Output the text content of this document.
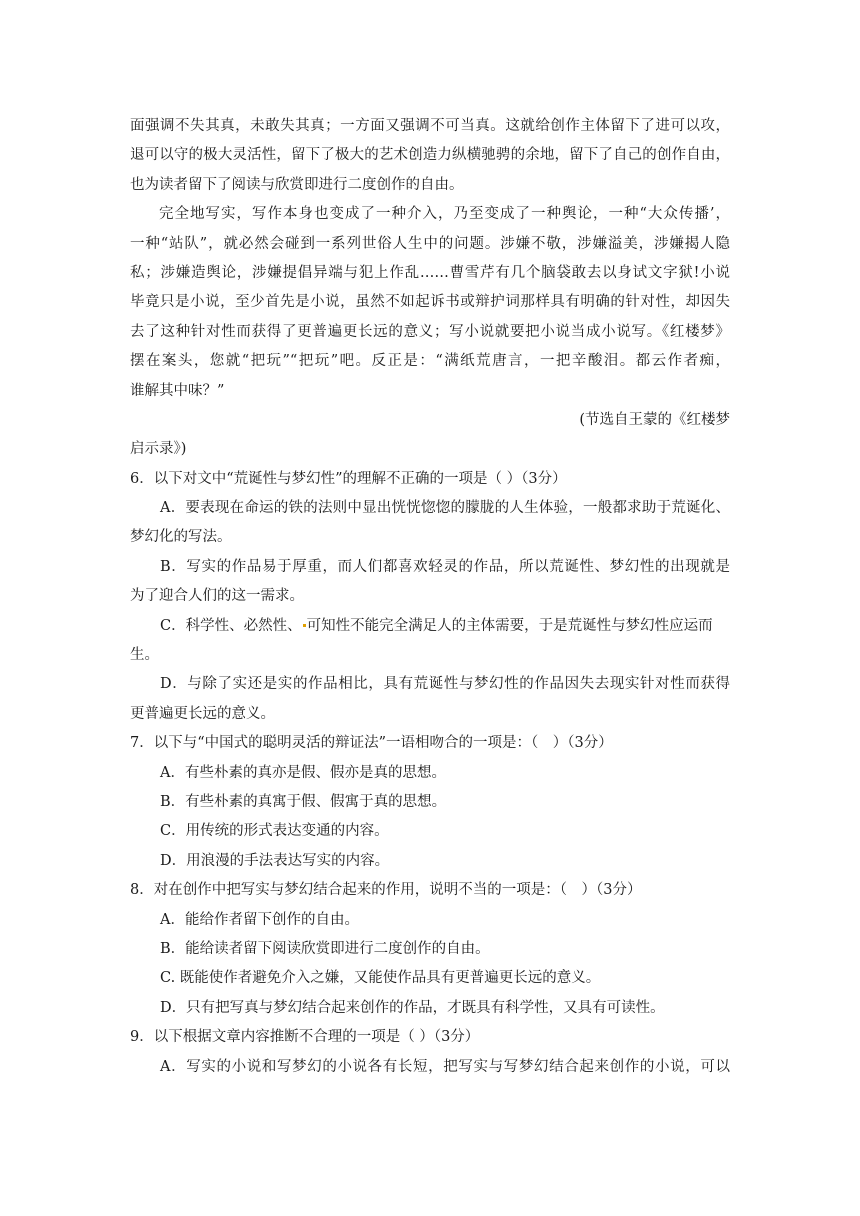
面强调不失其真，未敢失其真；一方面又强调不可当真。这就给创作主体留下了进可以攻，
退可以守的极大灵活性，留下了极大的艺术创造力纵横驰骋的余地，留下了自己的创作自由，
也为读者留下了阅读与欣赏即进行二度创作的自由。
完全地写实，写作本身也变成了一种介入，乃至变成了一种舆论，一种“大众传播’，
一种“站队”，就必然会碰到一系列世俗人生中的问题。涉嫌不敬，涉嫌溢美，涉嫌揭人隐
私；涉嫌造舆论，涉嫌提倡异端与犯上作乱……曹雪芹有几个脑袋敢去以身试文字狱!小说
毕竟只是小说，至少首先是小说，虽然不如起诉书或辩护词那样具有明确的针对性，却因失
去了这种针对性而获得了更普遍更长远的意义；写小说就要把小说当成小说写。《红楼梦》
摆在案头，您就“把玩”“把玩”吧。反正是：“满纸荒唐言，一把辛酸泪。都云作者痴，
谁解其中味？”
(节选自王蒙的《红楼梦
启示录》)
6．以下对文中“荒诞性与梦幻性”的理解不正确的一项是（ ）（3分）
A．要表现在命运的铁的法则中显出恍恍惚惚的朦胧的人生体验，一般都求助于荒诞化、
梦幻化的写法。
B．写实的作品易于厚重，而人们都喜欢轻灵的作品，所以荒诞性、梦幻性的出现就是
为了迎合人们的这一需求。
C．科学性、必然性、 可知性不能完全满足人的主体需要，于是荒诞性与梦幻性应运而
生。
D．与除了实还是实的作品相比，具有荒诞性与梦幻性的作品因失去现实针对性而获得
更普遍更长远的意义。
7．以下与“中国式的聪明灵活的辩证法”一语相吻合的一项是：（　）（3分）
A．有些朴素的真亦是假、假亦是真的思想。
B．有些朴素的真寓于假、假寓于真的思想。
C．用传统的形式表达变通的内容。
D．用浪漫的手法表达写实的内容。
8．对在创作中把写实与梦幻结合起来的作用，说明不当的一项是：（　）（3分）
A．能给作者留下创作的自由。
B．能给读者留下阅读欣赏即进行二度创作的自由。
C. 既能使作者避免介入之嫌，又能使作品具有更普遍更长远的意义。
D．只有把写真与梦幻结合起来创作的作品，才既具有科学性，又具有可读性。
9．以下根据文章内容推断不合理的一项是（ ）（3分）
A．写实的小说和写梦幻的小说各有长短，把写实与写梦幻结合起来创作的小说，可以
